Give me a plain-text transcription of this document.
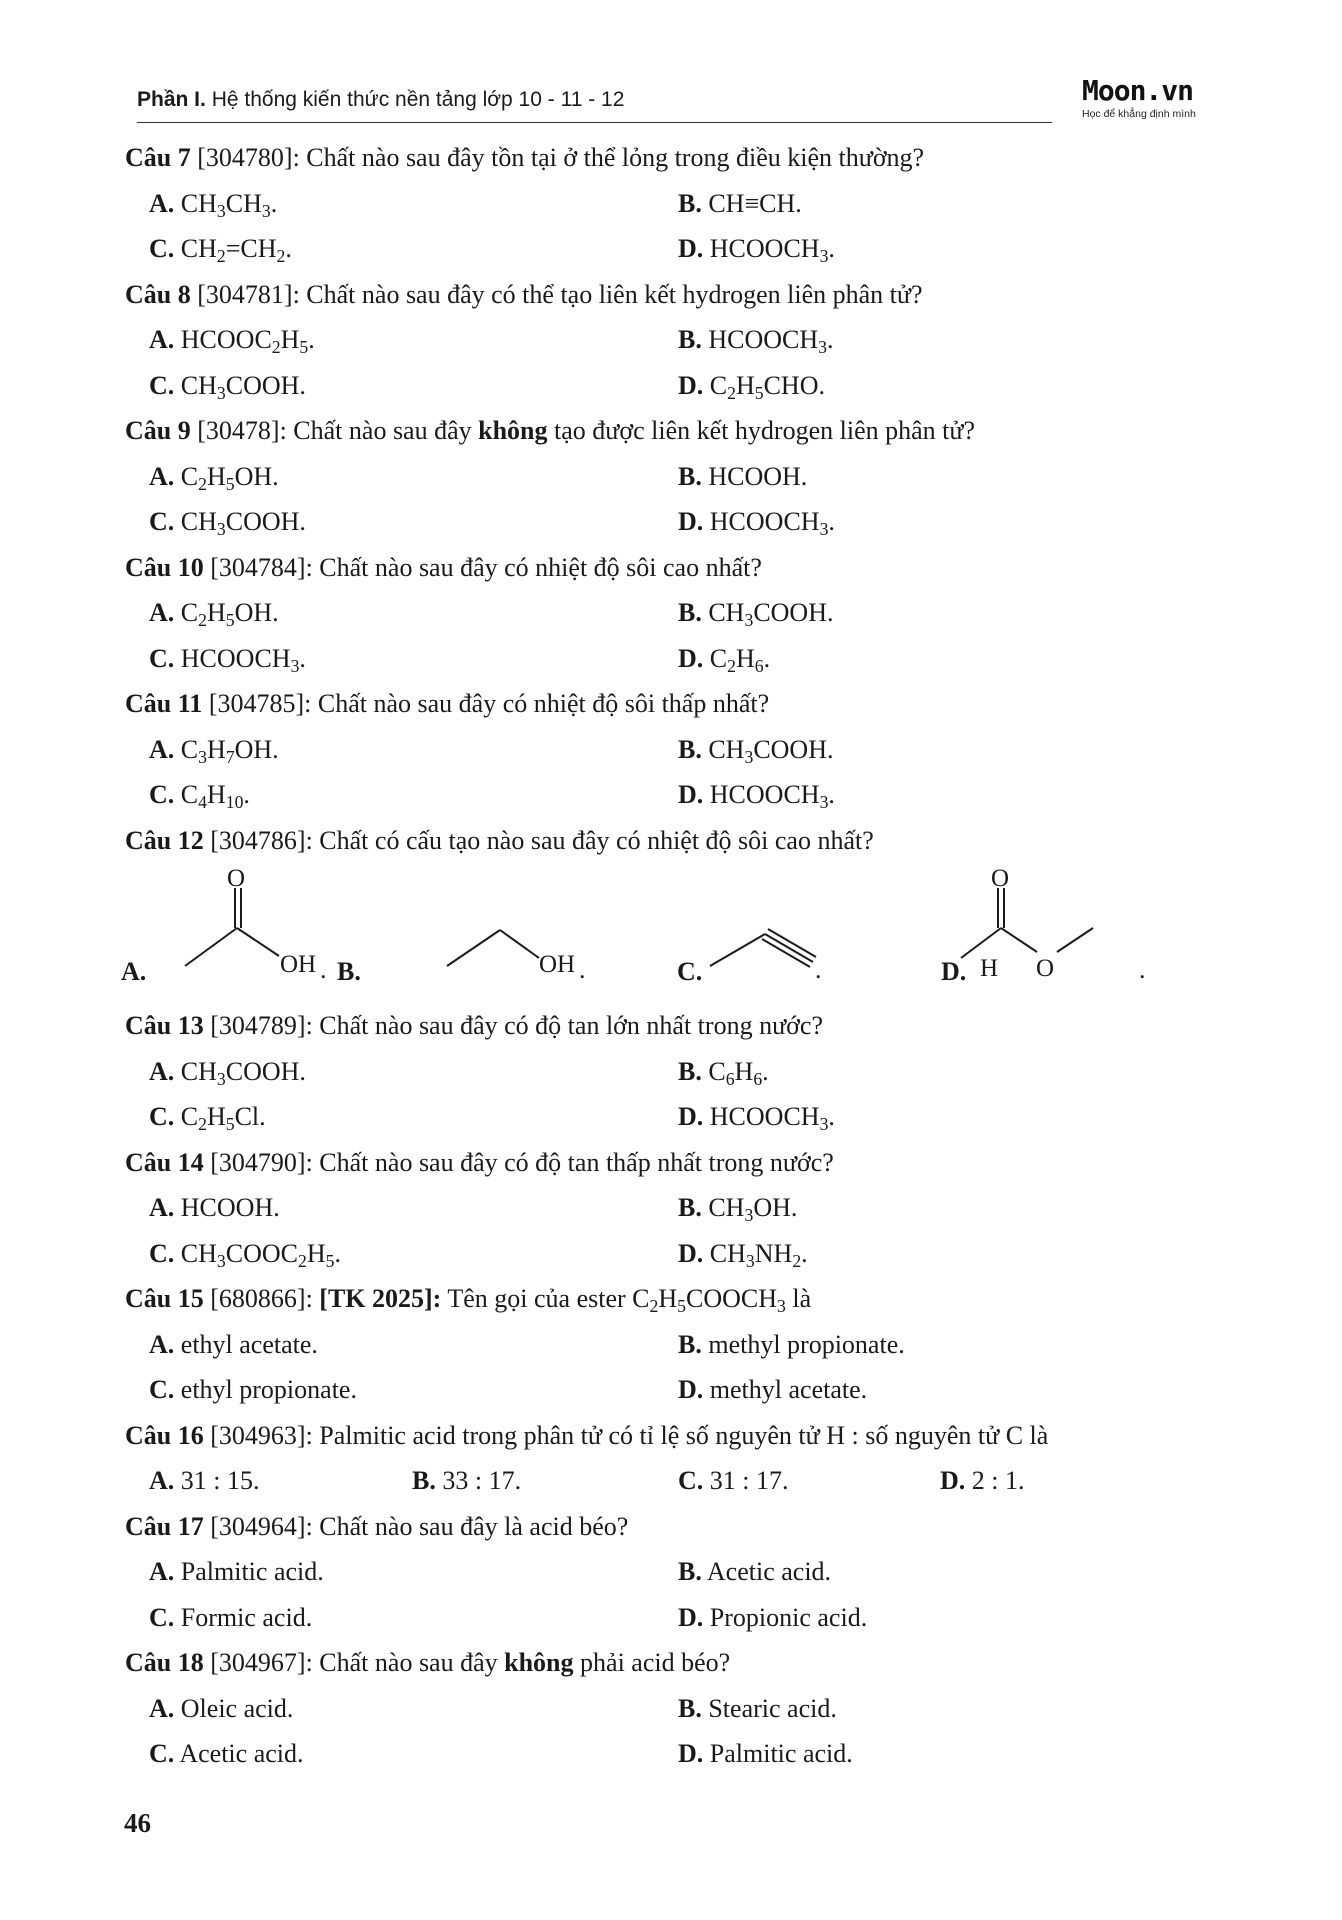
Phần I. Hệ thống kiến thức nền tảng lớp 10 - 11 - 12	Moon.vn
Học để khẳng định mình
Câu 7 [304780]: Chất nào sau đây tồn tại ở thể lỏng trong điều kiện thường?
A. $CH_3CH_3$.	B. CH≡CH.
C. $CH_2=CH_2$.	D. $HCOOCH_3$.
Câu 8 [304781]: Chất nào sau đây có thể tạo liên kết hydrogen liên phân tử?
A. $HCOOC_2H_5$.	B. $HCOOCH_3$.
C. $CH_3COOH$.	D. $C_2H_5CHO$.
Câu 9 [30478]: Chất nào sau đây không tạo được liên kết hydrogen liên phân tử?
A. $C_2H_5OH$.	B. HCOOH.
C. $CH_3COOH$.	D. $HCOOCH_3$.
Câu 10 [304784]: Chất nào sau đây có nhiệt độ sôi cao nhất?
A. $C_2H_5OH$.	B. $CH_3COOH$.
C. $HCOOCH_3$.	D. $C_2H_6$.
Câu 11 [304785]: Chất nào sau đây có nhiệt độ sôi thấp nhất?
A. $C_3H_7OH$.	B. $CH_3COOH$.
C. $C_4H_{10}$.	D. $HCOOCH_3$.
Câu 12 [304786]: Chất có cấu tạo nào sau đây có nhiệt độ sôi cao nhất?
A.
O
OH . B.	OH .	C.	.	D.
O
H O	.
Câu 13 [304789]: Chất nào sau đây có độ tan lớn nhất trong nước?
A. $CH_3COOH$.	B. $C_6H_6$.
C. $C_2H_5Cl$.	D. $HCOOCH_3$.
Câu 14 [304790]: Chất nào sau đây có độ tan thấp nhất trong nước?
A. HCOOH.	B. $CH_3OH$.
C. $CH_3COOC_2H_5$.	D. $CH_3NH_2$.
Câu 15 [680866]: [TK 2025]: Tên gọi của ester $C_2H_5COOCH_3$ là
A. ethyl acetate.	B. methyl propionate.
C. ethyl propionate.	D. methyl acetate.
Câu 16 [304963]: Palmitic acid trong phân tử có tỉ lệ số nguyên tử H : số nguyên tử C là
A. 31 : 15.	B. 33 : 17.	C. 31 : 17.	D. 2 : 1.
Câu 17 [304964]: Chất nào sau đây là acid béo?
A. Palmitic acid.	B. Acetic acid.
C. Formic acid.	D. Propionic acid.
Câu 18 [304967]: Chất nào sau đây không phải acid béo?
A. Oleic acid.	B. Stearic acid.
C. Acetic acid.	D. Palmitic acid.
46
